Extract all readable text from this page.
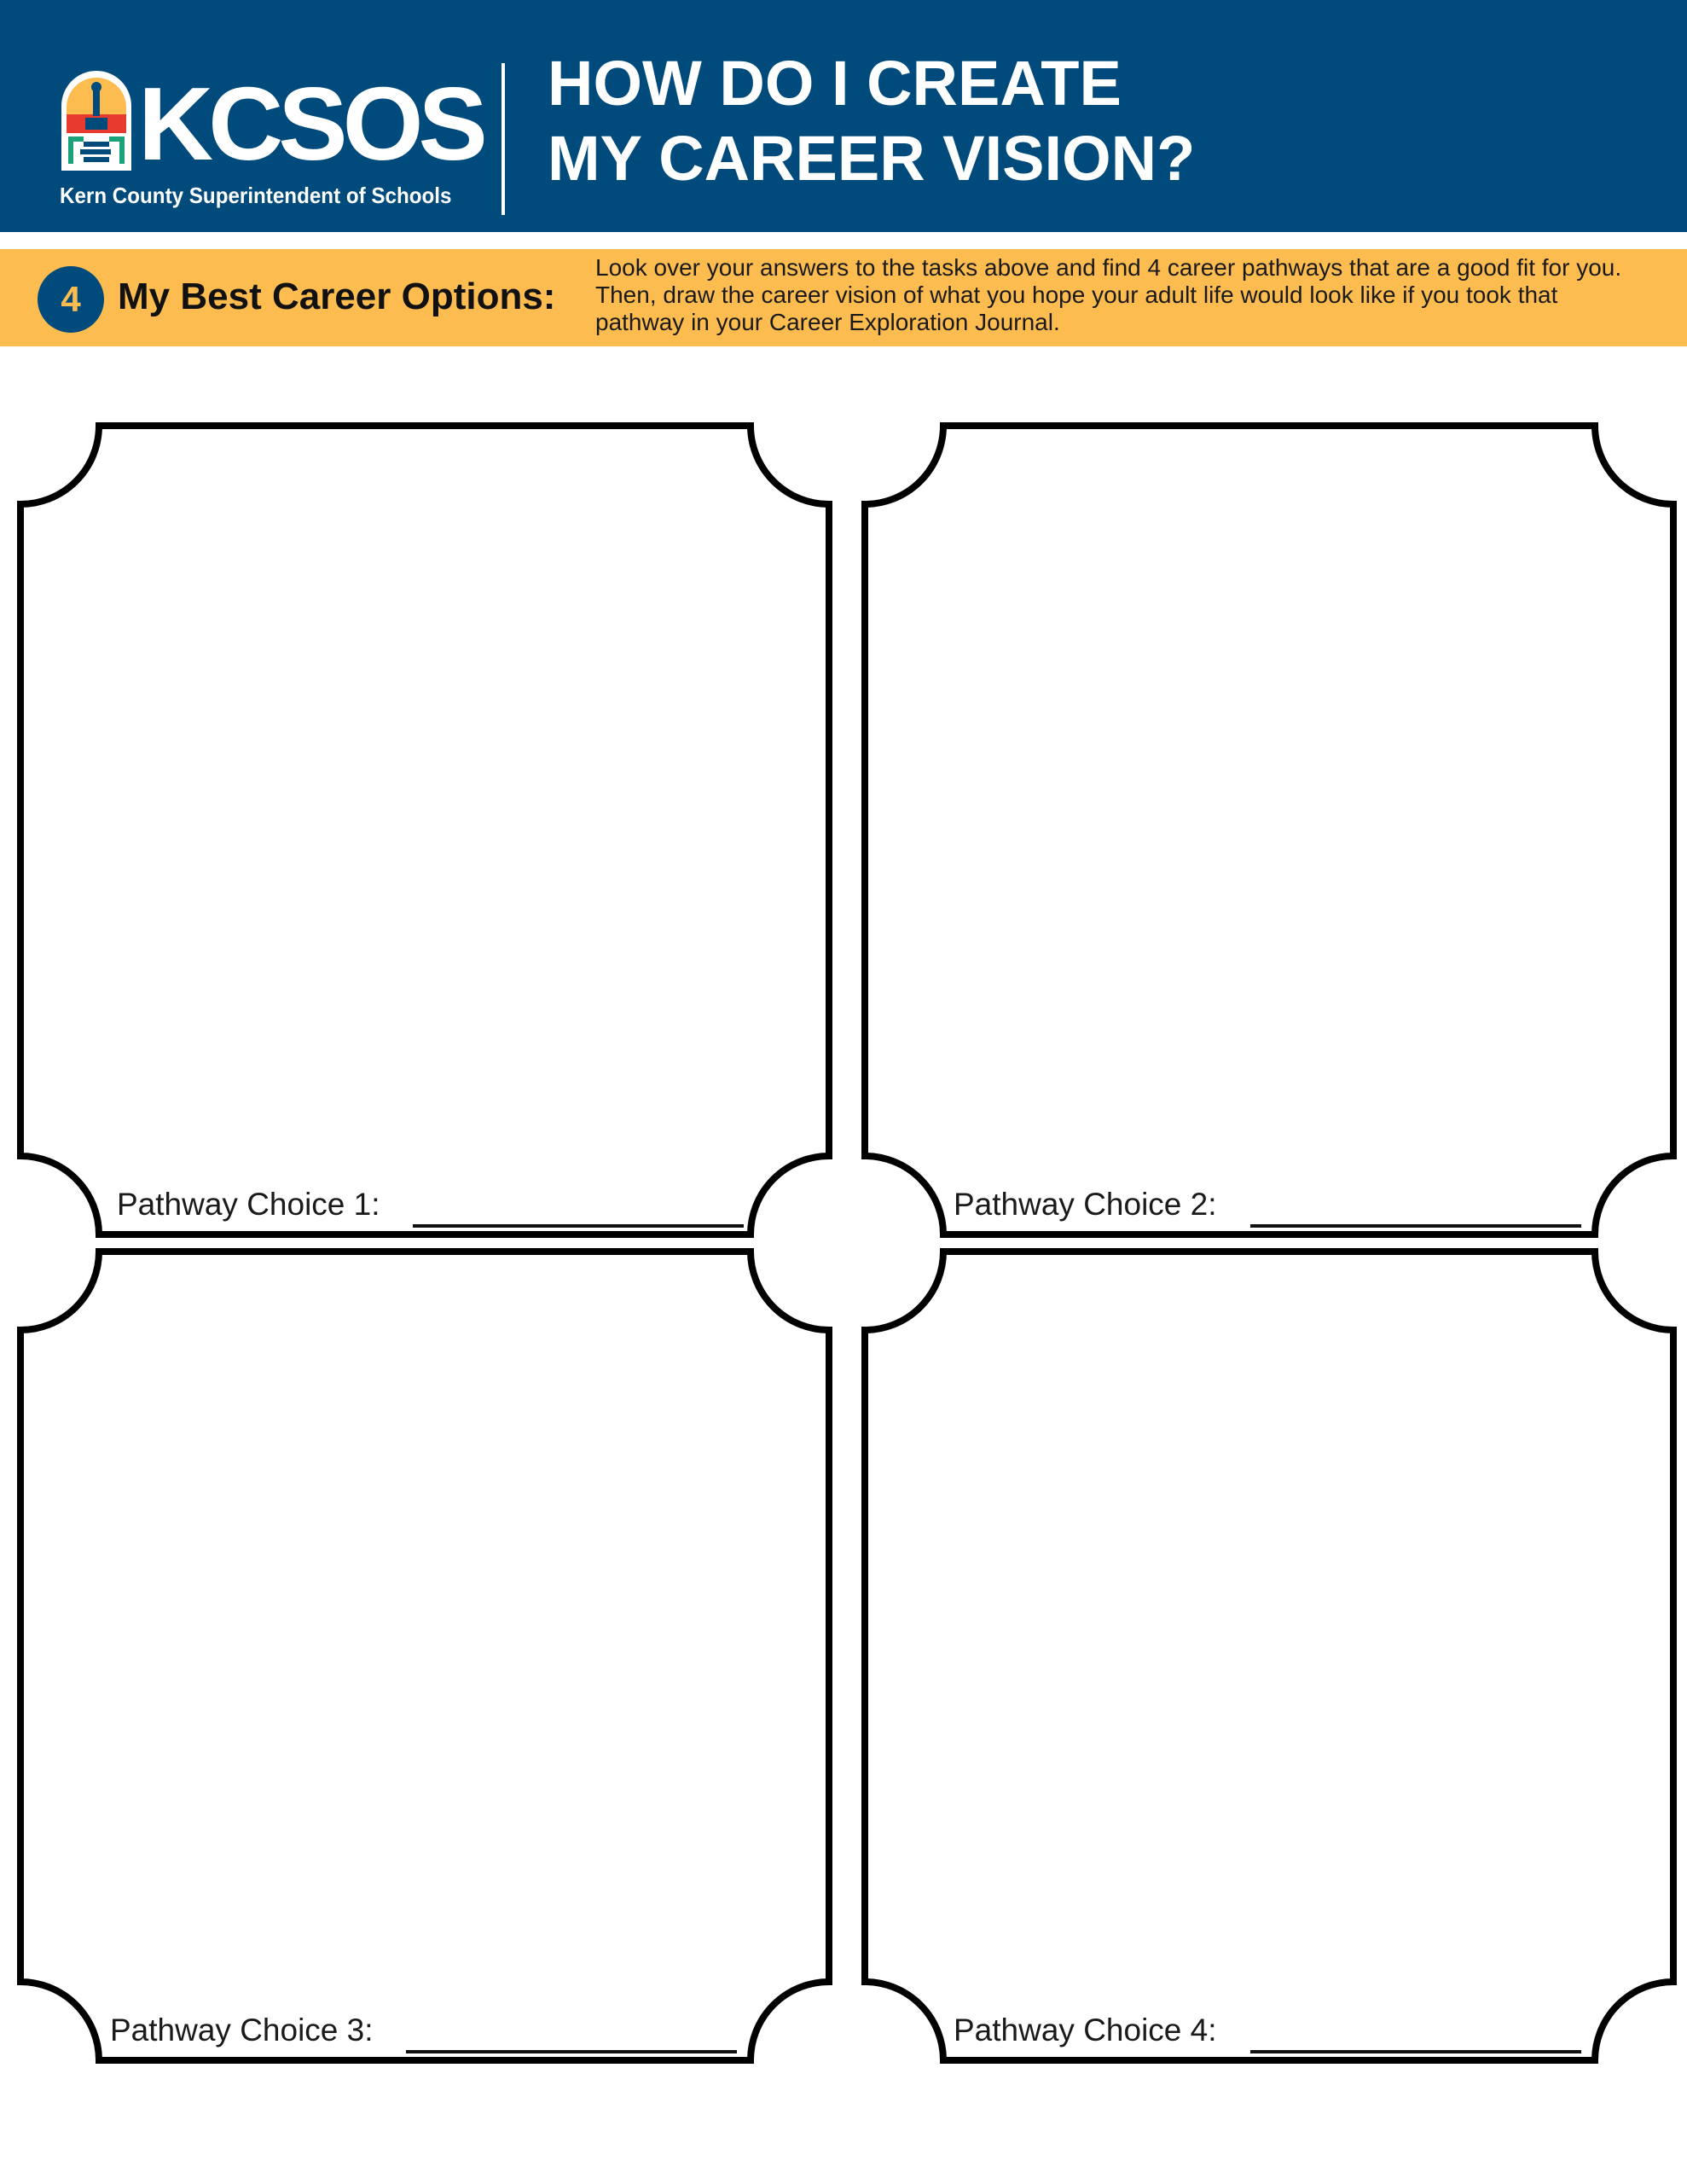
KCSOS
Kern County Superintendent of Schools
HOW DO I CREATE
MY CAREER VISION?
4 My Best Career Options:

Look over your answers to the tasks above and find 4 career pathways that are a good fit for you. Then, draw the career vision of what you hope your adult life would look like if you took that pathway in your Career Exploration Journal.

Pathway Choice 1:	Pathway Choice 2:
Pathway Choice 3:	Pathway Choice 4:
